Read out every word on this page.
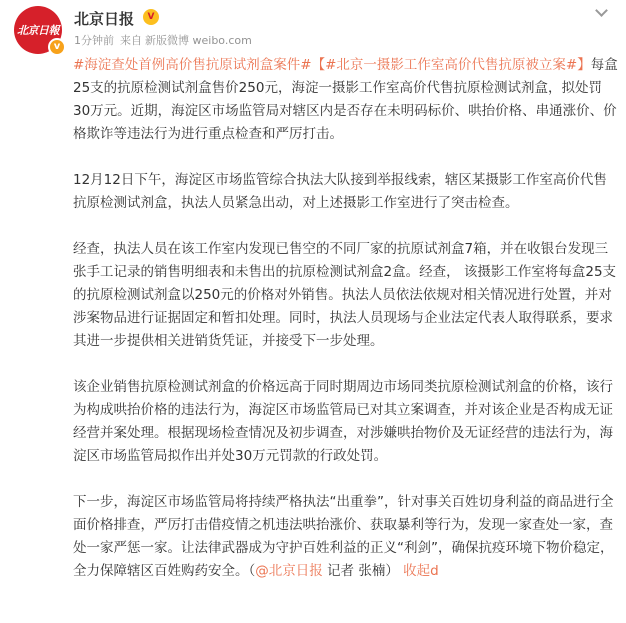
北京日報
v
北京日报 V
1分钟前 来自 新版微博 weibo.com

#海淀查处首例高价售抗原试剂盒案件#【#北京一摄影工作室高价代售抗原被立案#】每盒25支的抗原检测试剂盒售价250元，海淀一摄影工作室高价代售抗原检测试剂盒，拟处罚30万元。近期，海淀区市场监管局对辖区内是否存在未明码标价、哄抬价格、串通涨价、价格欺诈等违法行为进行重点检查和严厉打击。

12月12日下午，海淀区市场监管综合执法大队接到举报线索，辖区某摄影工作室高价代售抗原检测试剂盒，执法人员紧急出动，对上述摄影工作室进行了突击检查。

经查，执法人员在该工作室内发现已售空的不同厂家的抗原试剂盒7箱，并在收银台发现三张手工记录的销售明细表和未售出的抗原检测试剂盒2盒。经查， 该摄影工作室将每盒25支的抗原检测试剂盒以250元的价格对外销售。执法人员依法依规对相关情况进行处置，并对涉案物品进行证据固定和暂扣处理。同时，执法人员现场与企业法定代表人取得联系，要求其进一步提供相关进销货凭证，并接受下一步处理。

该企业销售抗原检测试剂盒的价格远高于同时期周边市场同类抗原检测试剂盒的价格，该行为构成哄抬价格的违法行为，海淀区市场监管局已对其立案调查，并对该企业是否构成无证经营并案处理。根据现场检查情况及初步调查，对涉嫌哄抬物价及无证经营的违法行为，海淀区市场监管局拟作出并处30万元罚款的行政处罚。

下一步，海淀区市场监管局将持续严格执法“出重拳”，针对事关百姓切身利益的商品进行全面价格排查，严厉打击借疫情之机违法哄抬涨价、获取暴利等行为，发现一家查处一家，查处一家严惩一家。让法律武器成为守护百姓利益的正义“利剑”，确保抗疫环境下物价稳定，全力保障辖区百姓购药安全。（@北京日报 记者 张楠） 收起d
